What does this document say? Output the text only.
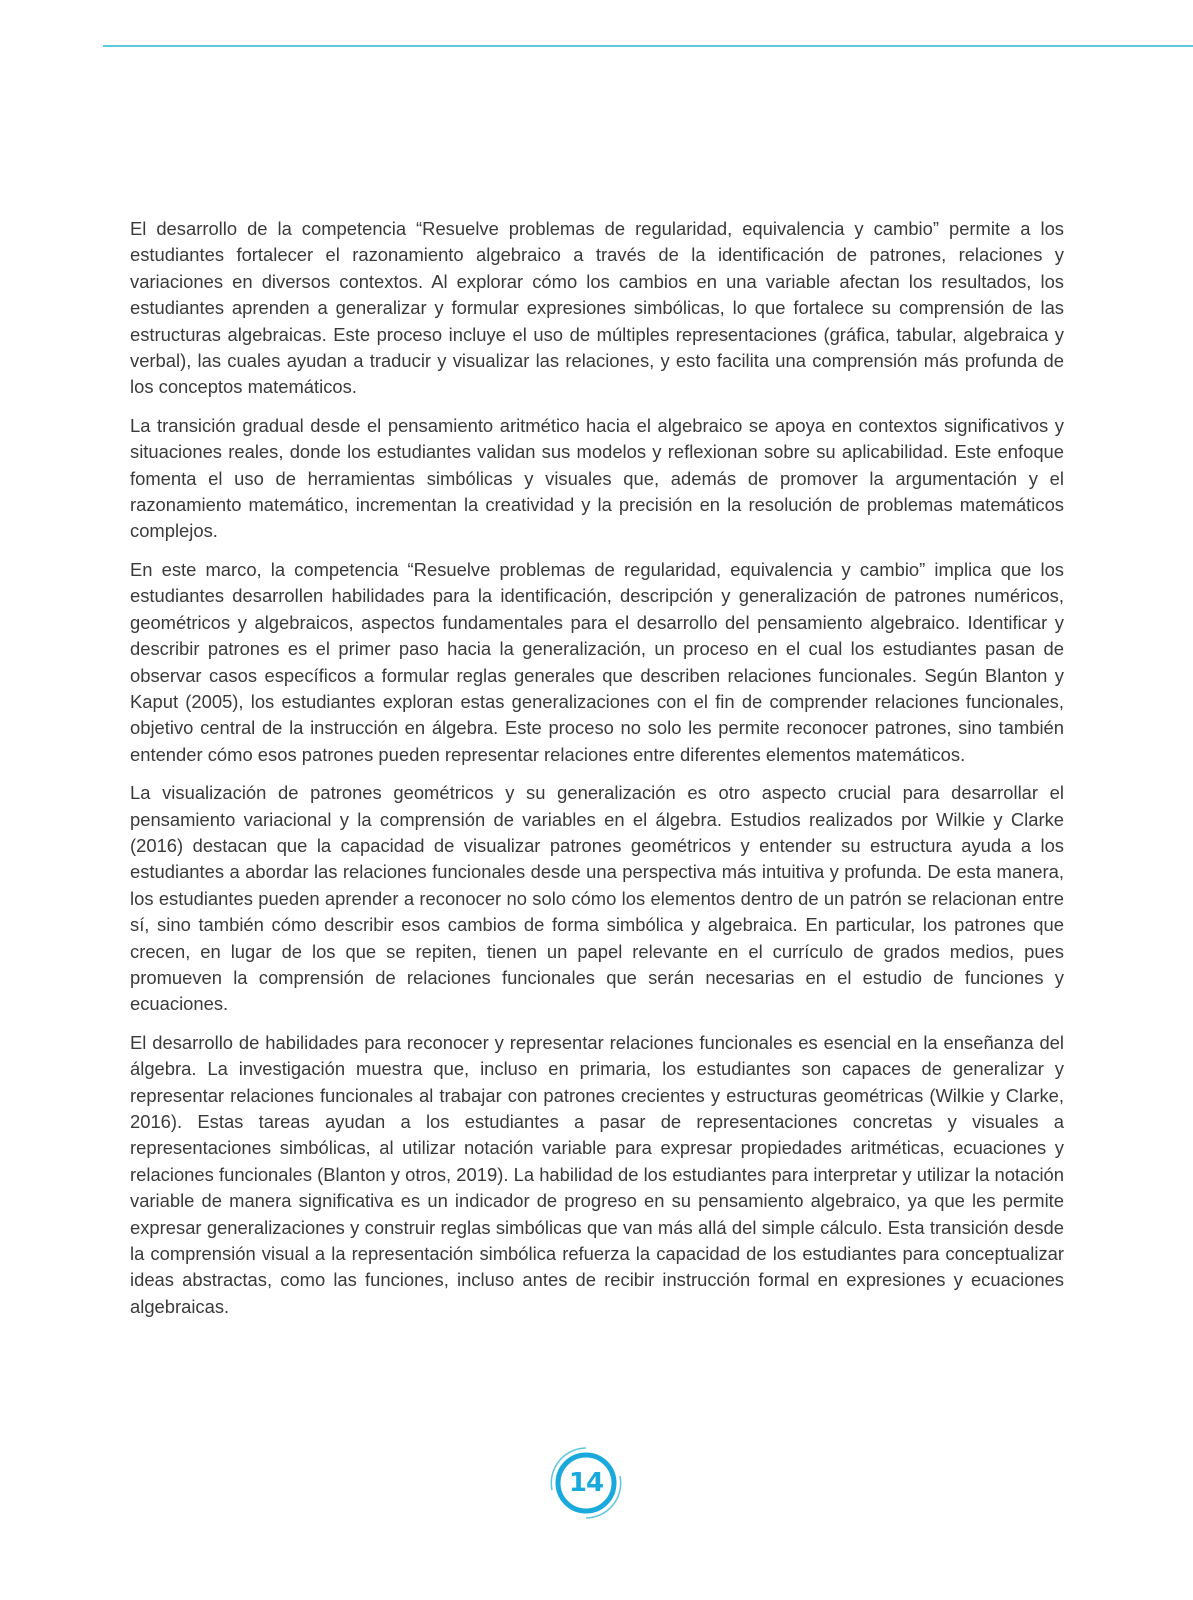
El desarrollo de la competencia “Resuelve problemas de regularidad, equivalencia y cambio” permite a los estudiantes fortalecer el razonamiento algebraico a través de la identificación de patrones, relaciones y variaciones en diversos contextos. Al explorar cómo los cambios en una variable afectan los resultados, los estudiantes aprenden a generalizar y formular expresiones simbólicas, lo que fortalece su comprensión de las estructuras algebraicas. Este proceso incluye el uso de múltiples representaciones (gráfica, tabular, algebraica y verbal), las cuales ayudan a traducir y visualizar las relaciones, y esto facilita una comprensión más profunda de los conceptos matemáticos.

La transición gradual desde el pensamiento aritmético hacia el algebraico se apoya en contextos significativos y situaciones reales, donde los estudiantes validan sus modelos y reflexionan sobre su aplicabilidad. Este enfoque fomenta el uso de herramientas simbólicas y visuales que, además de promover la argumentación y el razonamiento matemático, incrementan la creatividad y la precisión en la resolución de problemas matemáticos complejos.

En este marco, la competencia “Resuelve problemas de regularidad, equivalencia y cambio” implica que los estudiantes desarrollen habilidades para la identificación, descripción y generalización de patrones numéricos, geométricos y algebraicos, aspectos fundamentales para el desarrollo del pensamiento algebraico. Identificar y describir patrones es el primer paso hacia la generalización, un proceso en el cual los estudiantes pasan de observar casos específicos a formular reglas generales que describen relaciones funcionales. Según Blanton y Kaput (2005), los estudiantes exploran estas generalizaciones con el fin de comprender relaciones funcionales, objetivo central de la instrucción en álgebra. Este proceso no solo les permite reconocer patrones, sino también entender cómo esos patrones pueden representar relaciones entre diferentes elementos matemáticos.

La visualización de patrones geométricos y su generalización es otro aspecto crucial para desarrollar el pensamiento variacional y la comprensión de variables en el álgebra. Estudios realizados por Wilkie y Clarke (2016) destacan que la capacidad de visualizar patrones geométricos y entender su estructura ayuda a los estudiantes a abordar las relaciones funcionales desde una perspectiva más intuitiva y profunda. De esta manera, los estudiantes pueden aprender a reconocer no solo cómo los elementos dentro de un patrón se relacionan entre sí, sino también cómo describir esos cambios de forma simbólica y algebraica. En particular, los patrones que crecen, en lugar de los que se repiten, tienen un papel relevante en el currículo de grados medios, pues promueven la comprensión de relaciones funcionales que serán necesarias en el estudio de funciones y ecuaciones.

El desarrollo de habilidades para reconocer y representar relaciones funcionales es esencial en la enseñanza del álgebra. La investigación muestra que, incluso en primaria, los estudiantes son capaces de generalizar y representar relaciones funcionales al trabajar con patrones crecientes y estructuras geométricas (Wilkie y Clarke, 2016). Estas tareas ayudan a los estudiantes a pasar de representaciones concretas y visuales a representaciones simbólicas, al utilizar notación variable para expresar propiedades aritméticas, ecuaciones y relaciones funcionales (Blanton y otros, 2019). La habilidad de los estudiantes para interpretar y utilizar la notación variable de manera significativa es un indicador de progreso en su pensamiento algebraico, ya que les permite expresar generalizaciones y construir reglas simbólicas que van más allá del simple cálculo. Esta transición desde la comprensión visual a la representación simbólica refuerza la capacidad de los estudiantes para conceptualizar ideas abstractas, como las funciones, incluso antes de recibir instrucción formal en expresiones y ecuaciones algebraicas.

14
